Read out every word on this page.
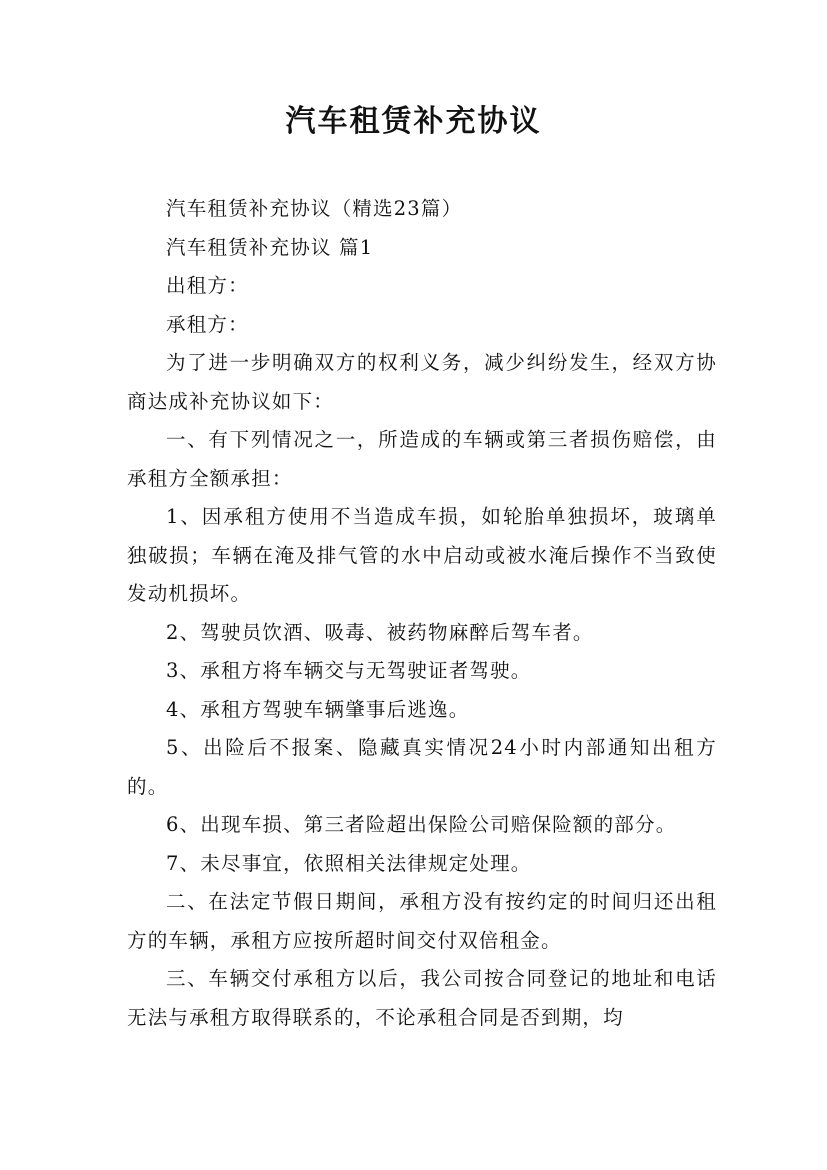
汽车租赁补充协议

汽车租赁补充协议（精选23篇）

汽车租赁补充协议 篇1

出租方：

承租方：

为了进一步明确双方的权利义务，减少纠纷发生，经双方协商达成补充协议如下：

一、有下列情况之一，所造成的车辆或第三者损伤赔偿，由承租方全额承担：

1、因承租方使用不当造成车损，如轮胎单独损坏，玻璃单独破损；车辆在淹及排气管的水中启动或被水淹后操作不当致使发动机损坏。

2、驾驶员饮酒、吸毒、被药物麻醉后驾车者。

3、承租方将车辆交与无驾驶证者驾驶。

4、承租方驾驶车辆肇事后逃逸。

5、出险后不报案、隐藏真实情况24小时内部通知出租方的。

6、出现车损、第三者险超出保险公司赔保险额的部分。

7、未尽事宜，依照相关法律规定处理。

二、在法定节假日期间，承租方没有按约定的时间归还出租方的车辆，承租方应按所超时间交付双倍租金。

三、车辆交付承租方以后，我公司按合同登记的地址和电话无法与承租方取得联系的，不论承租合同是否到期，均
